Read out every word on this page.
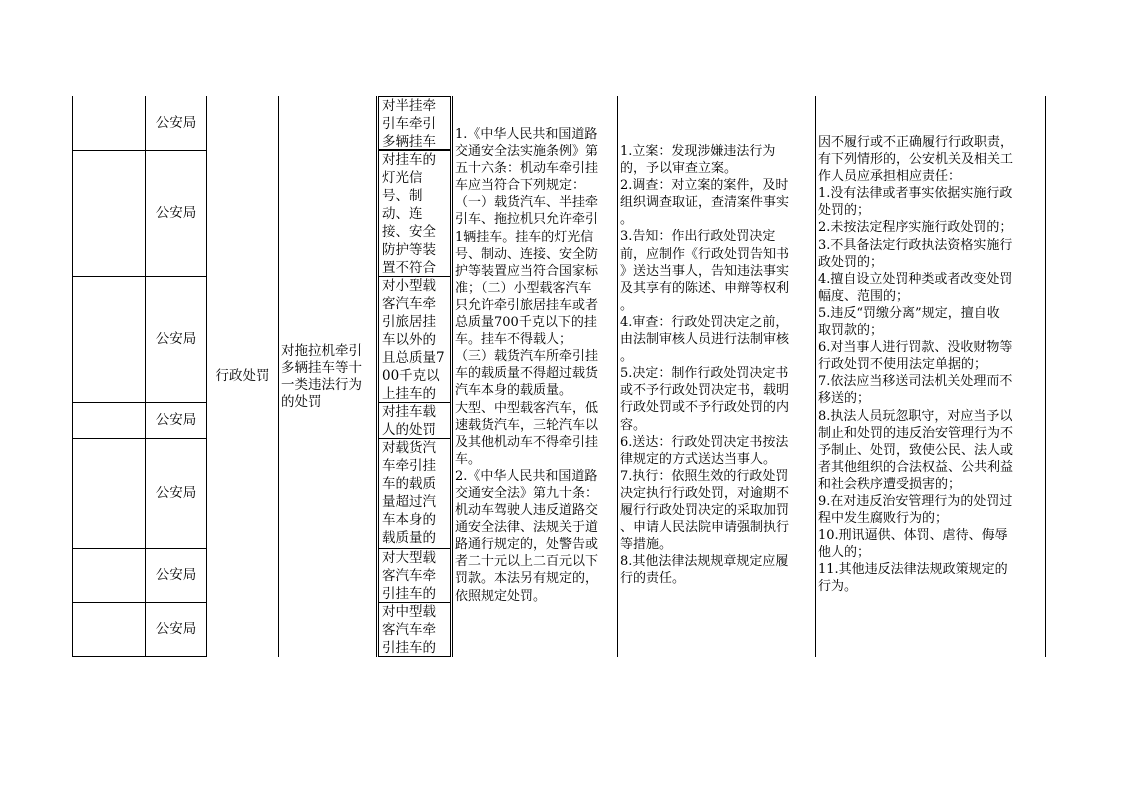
公安局
公安局
公安局
公安局
公安局
公安局
公安局
行政处罚
对拖拉机牵引多辆挂车等十一类违法行为的处罚
对半挂牵引车牵引多辆挂车
对挂车的灯光信号、制动、连接、安全防护等装置不符合
对小型载客汽车牵引旅居挂车以外的且总质量700千克以上挂车的
对挂车载人的处罚
对载货汽车牵引挂车的载质量超过汽车本身的载质量的
对大型载客汽车牵引挂车的
对中型载客汽车牵引挂车的
1.《中华人民共和国道路
交通安全法实施条例》第
五十六条：机动车牵引挂
车应当符合下列规定：
（一）载货汽车、半挂牵
引车、拖拉机只允许牵引
1辆挂车。挂车的灯光信
号、制动、连接、安全防
护等装置应当符合国家标
准；（二）小型载客汽车
只允许牵引旅居挂车或者
总质量700千克以下的挂
车。挂车不得载人；
（三）载货汽车所牵引挂
车的载质量不得超过载货
汽车本身的载质量。
大型、中型载客汽车，低
速载货汽车，三轮汽车以
及其他机动车不得牵引挂
车。
2.《中华人民共和国道路
交通安全法》第九十条：
机动车驾驶人违反道路交
通安全法律、法规关于道
路通行规定的，处警告或
者二十元以上二百元以下
罚款。本法另有规定的，
依照规定处罚。
1.立案：发现涉嫌违法行为
的，予以审查立案。
2.调查：对立案的案件，及时
组织调查取证，查清案件事实
。
3.告知：作出行政处罚决定
前，应制作《行政处罚告知书
》送达当事人，告知违法事实
及其享有的陈述、申辩等权利
。
4.审查：行政处罚决定之前，
由法制审核人员进行法制审核
。
5.决定：制作行政处罚决定书
或不予行政处罚决定书，载明
行政处罚或不予行政处罚的内
容。
6.送达：行政处罚决定书按法
律规定的方式送达当事人。
7.执行：依照生效的行政处罚
决定执行行政处罚，对逾期不
履行行政处罚决定的采取加罚
、申请人民法院申请强制执行
等措施。
8.其他法律法规规章规定应履
行的责任。
因不履行或不正确履行行政职责，
有下列情形的，公安机关及相关工
作人员应承担相应责任：
1.没有法律或者事实依据实施行政
处罚的；
2.未按法定程序实施行政处罚的；
3.不具备法定行政执法资格实施行
政处罚的；
4.擅自设立处罚种类或者改变处罚
幅度、范围的；
5.违反“罚缴分离”规定，擅自收
取罚款的；
6.对当事人进行罚款、没收财物等
行政处罚不使用法定单据的；
7.依法应当移送司法机关处理而不
移送的；
8.执法人员玩忽职守，对应当予以
制止和处罚的违反治安管理行为不
予制止、处罚，致使公民、法人或
者其他组织的合法权益、公共利益
和社会秩序遭受损害的；
9.在对违反治安管理行为的处罚过
程中发生腐败行为的；
10.刑讯逼供、体罚、虐待、侮辱
他人的；
11.其他违反法律法规政策规定的
行为。
